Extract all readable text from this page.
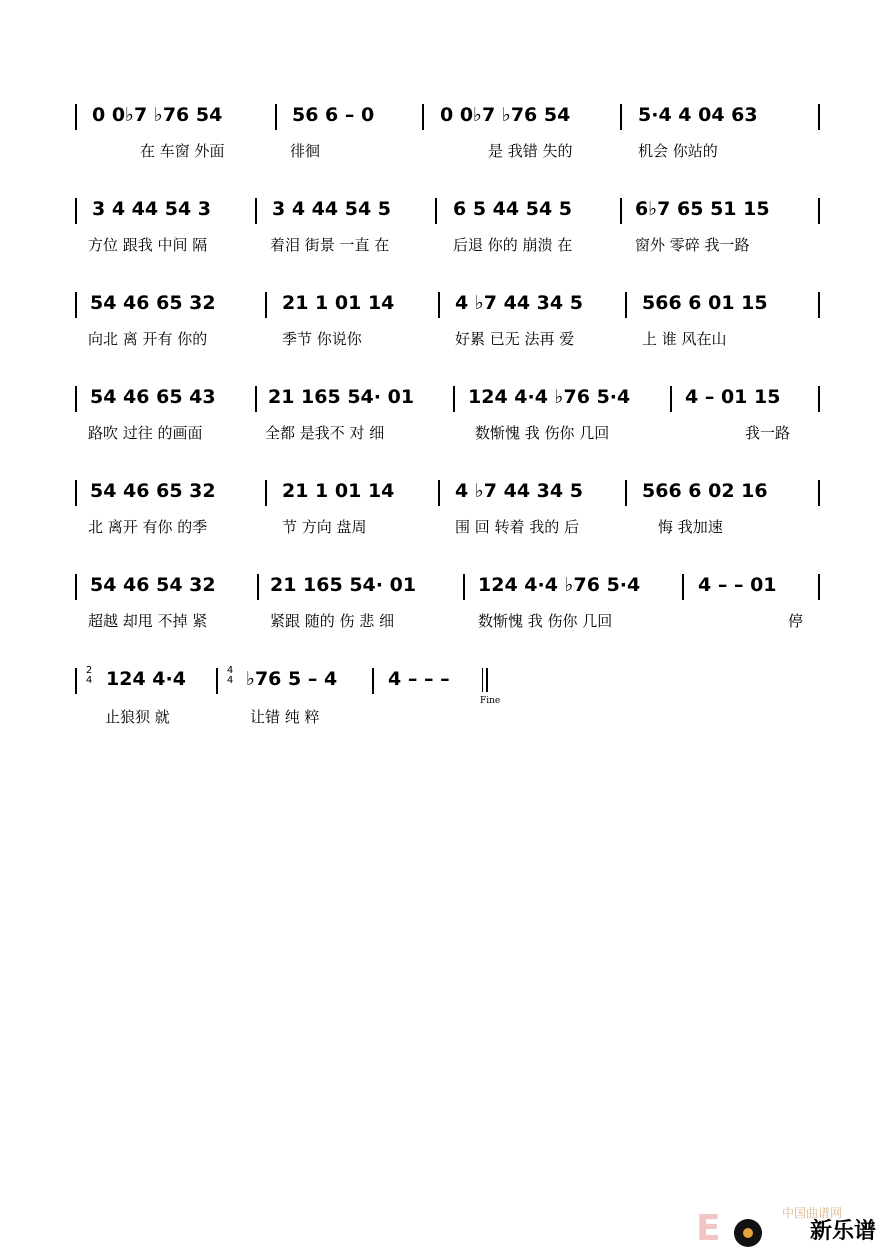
0 0♭7 ♭76 54	56 6 – 0	0 0♭7 ♭76 54	5·4 4 04 63
在 车窗 外面	徘徊	是 我错 失的	机会 你站的
3 4 44 54 3	3 4 44 54 5	6 5 44 54 5	6♭7 65 51 15
方位 跟我 中间 隔	着泪 街景 一直 在	后退 你的 崩溃 在	窗外 零碎 我一路
54 46 65 32	21 1 01 14	4 ♭7 44 34 5	566 6 01 15
向北 离 开有 你的	季节 你说你	好累 已无 法再 爱	上 谁 风在山
54 46 65 43	21 165 54· 01	124 4·4 ♭76 5·4	4 – 01 15
路吹 过往 的画面	全都 是我不 对 细	数惭愧 我 伤你 几回	我一路
54 46 65 32	21 1 01 14	4 ♭7 44 34 5	566 6 02 16
北 离开 有你 的季	节 方向 盘周	围 回 转着 我的 后	悔 我加速
54 46 54 32	21 165 54· 01	124 4·4 ♭76 5·4	4 – – 01
超越 却甩 不掉 紧	紧跟 随的 伤 悲 细	数惭愧 我 伤你 几回	停
2
4 124 4·4	4
4 ♭76 5 – 4	4 – – –
Fine
止狼狈 就	让错 纯 粹
E	中国曲谱网
新乐谱
